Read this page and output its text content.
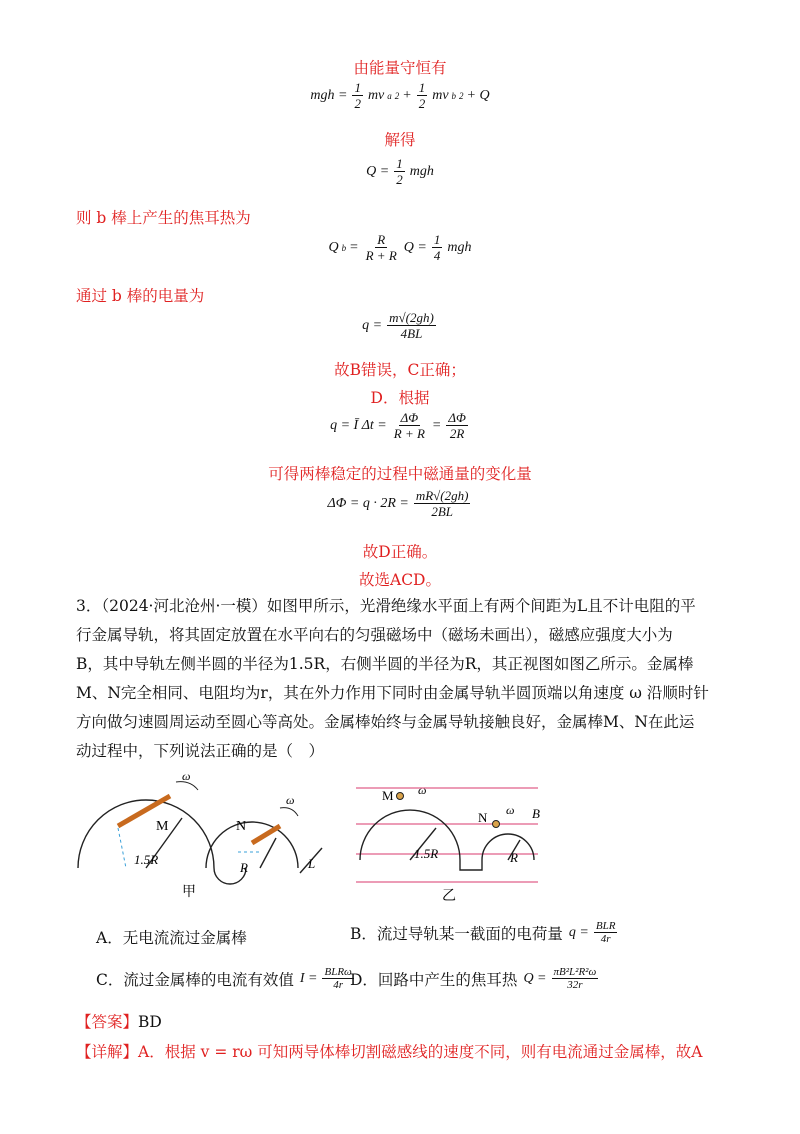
由能量守恒有
mgh = $\frac{1}{2}$ mv a $2 + \frac{1}{2}$ mv b 2 + Q
解得
$Q = \frac{1}{2}$ mgh
则 b 棒上产生的焦耳热为
Q $b = \frac{R}{R + R}$ $Q = \frac{1}{4}$ mgh
通过 b 棒的电量为
$q = \frac{m√(2gh)}{4BL}$
故B错误，C正确；
D．根据
q = Ī $\Delta t = \frac{\Delta\Phi}{R + R} = \frac{\Delta\Phi}{2R}$
可得两棒稳定的过程中磁通量的变化量
$\Delta\Phi = q \cdot 2R = \frac{mR√(2gh)}{2BL}$
故D正确。
故选ACD。
3．（2024·河北沧州·一模）如图甲所示，光滑绝缘水平面上有两个间距为L且不计电阻的平
行金属导轨，将其固定放置在水平向右的匀强磁场中（磁场未画出），磁感应强度大小为
B，其中导轨左侧半圆的半径为1.5R，右侧半圆的半径为R，其正视图如图乙所示。金属棒
M、N完全相同、电阻均为r，其在外力作用下同时由金属导轨半圆顶端以角速度 ω 沿顺时针
方向做匀速圆周运动至圆心等高处。金属棒始终与金属导轨接触良好，金属棒M、N在此运
动过程中，下列说法正确的是（　）
ω
ω
M	N
1.5R
R	L
甲
M
N
ω
ω B
1.5R	R
乙
A．无电流流过金属棒	B．流过导轨某一截面的电荷量 $q = \frac{\text{BLR}}{4r}$
C．流过金属棒的电流有效值 $I = \frac{\text{BLRω}}{4r}$
D．回路中产生的焦耳热 $Q = \frac{\text{πB²L²R²ω}}{32r}$
【答案】BD
【详解】A．根据 v = rω 可知两导体棒切割磁感线的速度不同，则有电流通过金属棒，故A
